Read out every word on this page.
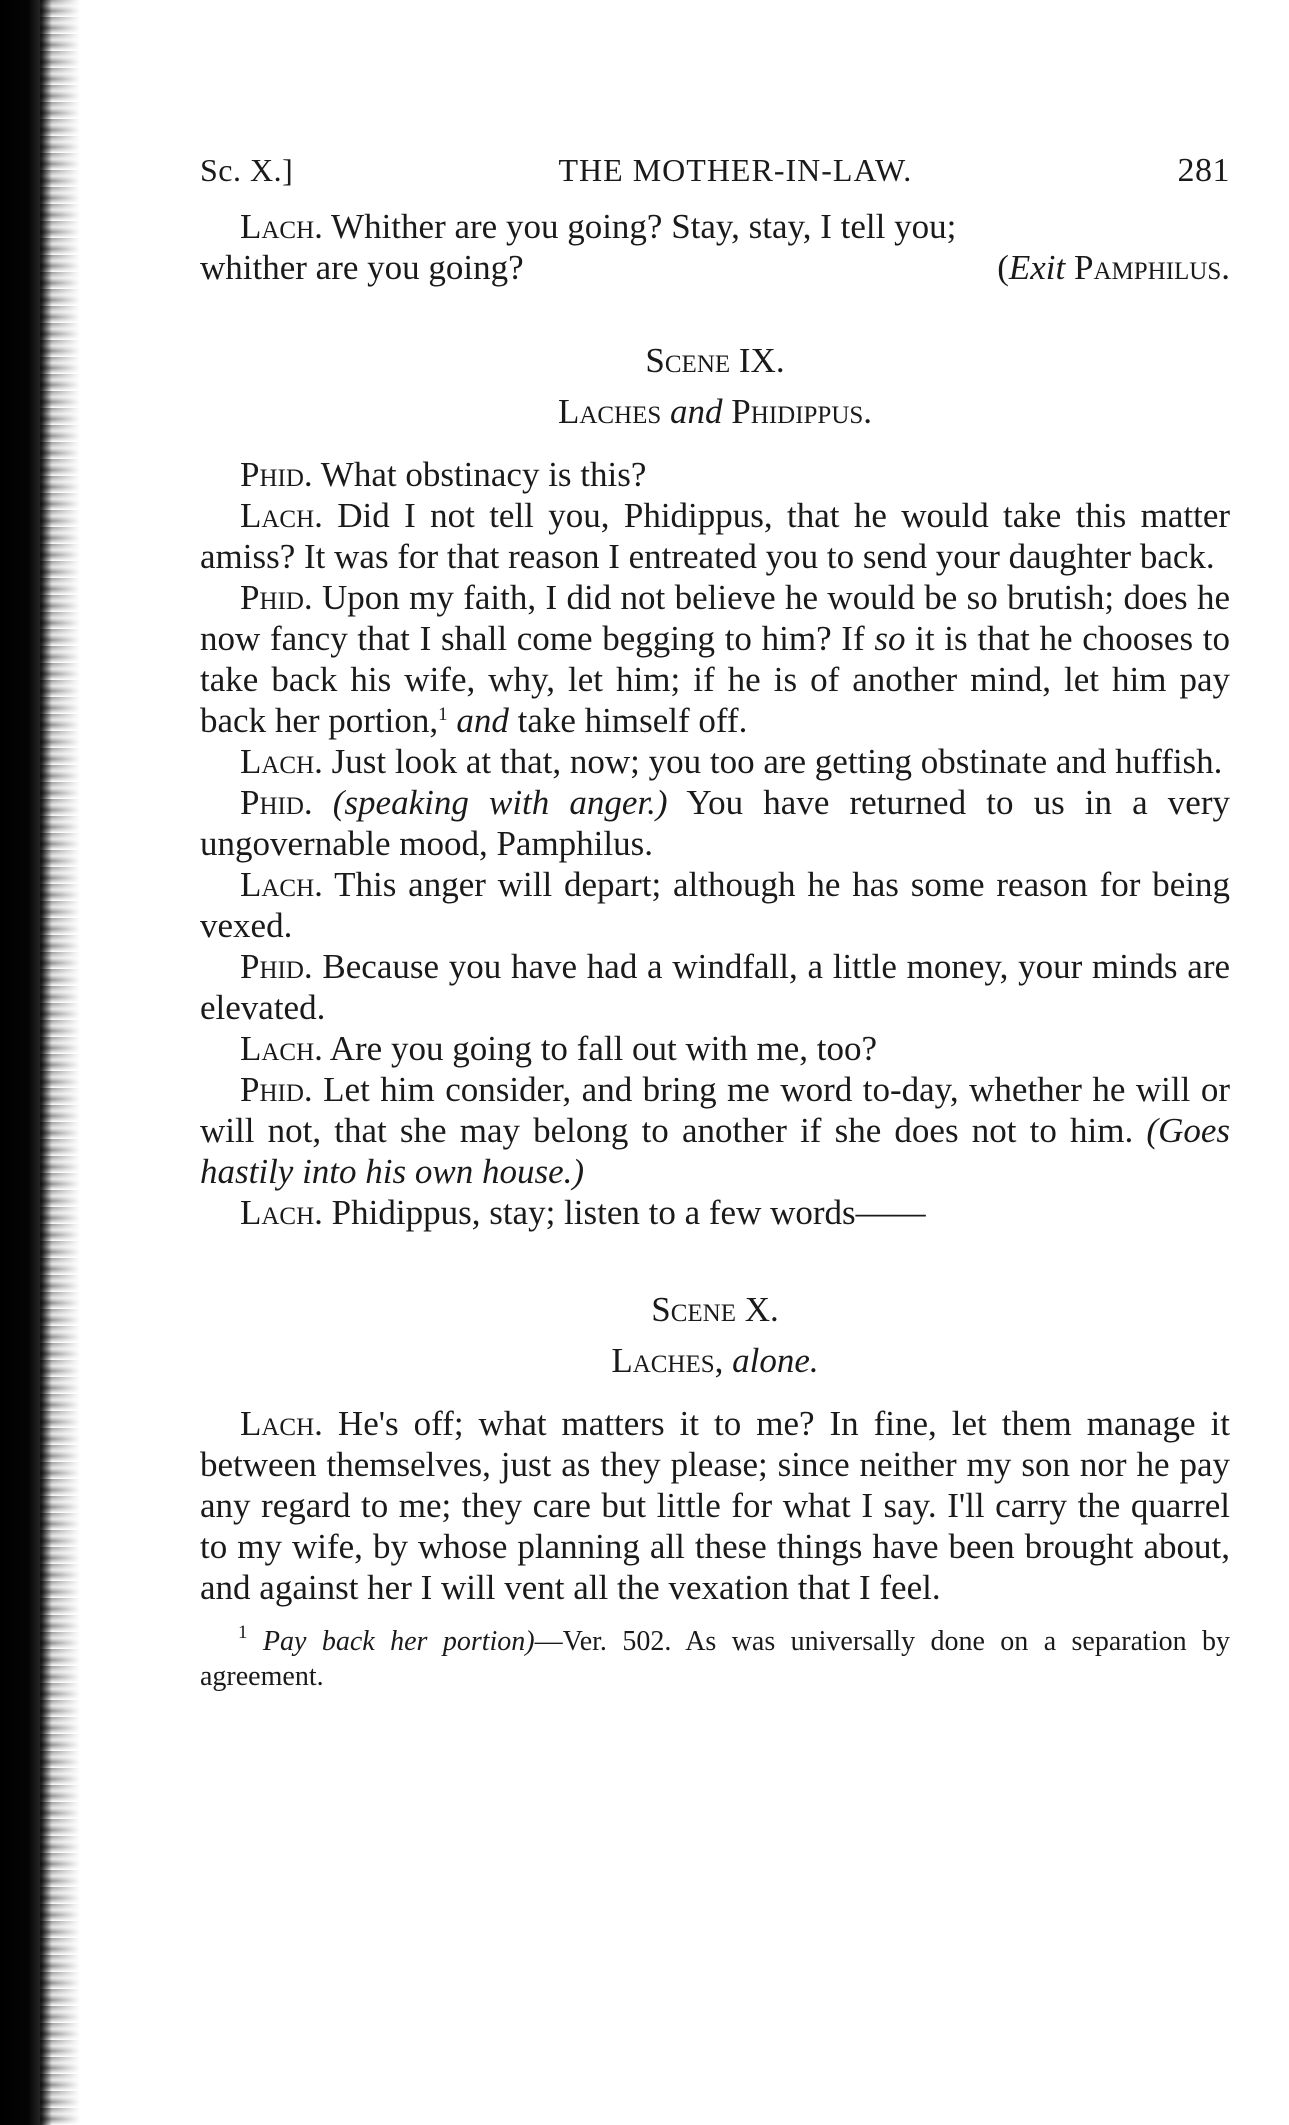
Sc. X.]	THE MOTHER-IN-LAW.	281

Lach. Whither are you going? Stay, stay, I tell you;

whither are you going?	(Exit Pamphilus.

Scene IX.
Laches and Phidippus.

Phid. What obstinacy is this?

Lach. Did I not tell you, Phidippus, that he would take this matter amiss? It was for that reason I entreated you to send your daughter back.

Phid. Upon my faith, I did not believe he would be so brutish; does he now fancy that I shall come begging to him? If so it is that he chooses to take back his wife, why, let him; if he is of another mind, let him pay back her portion,$^1$ and take himself off.

Lach. Just look at that, now; you too are getting obstinate and huffish.

Phid. (speaking with anger.) You have returned to us in a very ungovernable mood, Pamphilus.

Lach. This anger will depart; although he has some reason for being vexed.

Phid. Because you have had a windfall, a little money, your minds are elevated.

Lach. Are you going to fall out with me, too?

Phid. Let him consider, and bring me word to-day, whether he will or will not, that she may belong to another if she does not to him. (Goes hastily into his own house.)

Lach. Phidippus, stay; listen to a few words——

Scene X.
Laches, alone.

Lach. He's off; what matters it to me? In fine, let them manage it between themselves, just as they please; since neither my son nor he pay any regard to me; they care but little for what I say. I'll carry the quarrel to my wife, by whose planning all these things have been brought about, and against her I will vent all the vexation that I feel.

$^1$ Pay back her portion)—Ver. 502. As was universally done on a separation by agreement.
